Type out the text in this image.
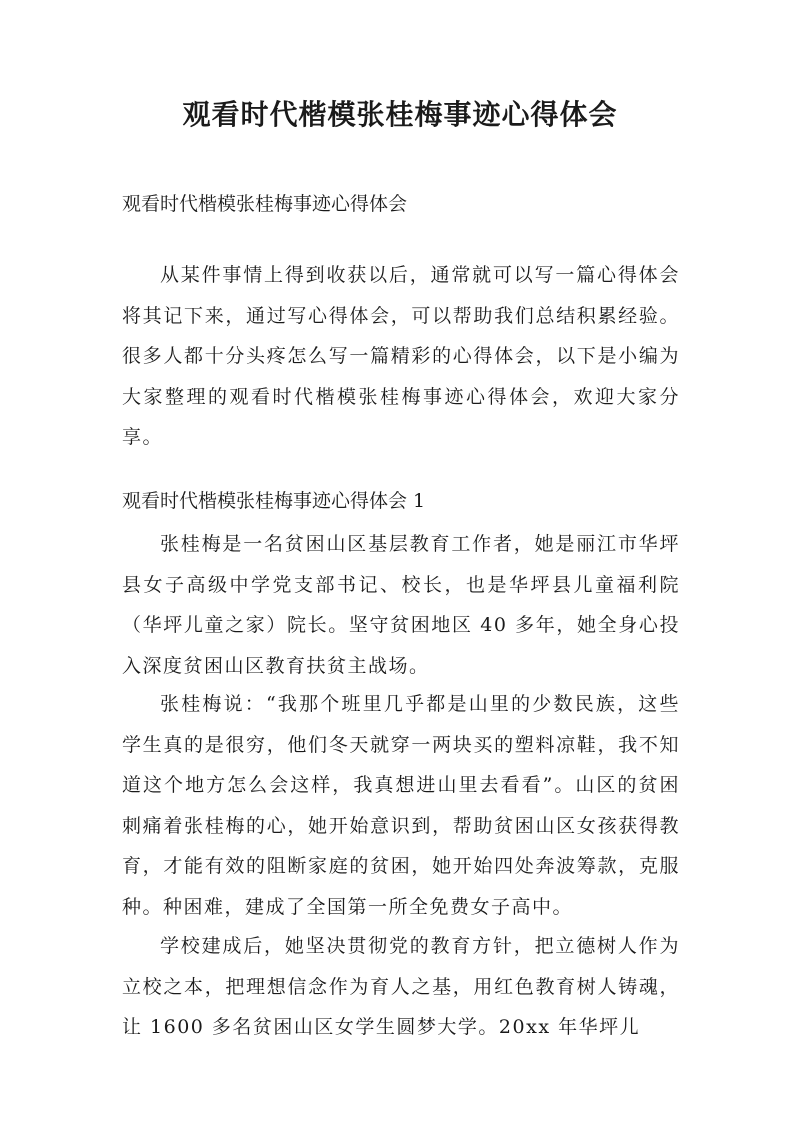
观看时代楷模张桂梅事迹心得体会

观看时代楷模张桂梅事迹心得体会

从某件事情上得到收获以后，通常就可以写一篇心得体会将其记下来，通过写心得体会，可以帮助我们总结积累经验。很多人都十分头疼怎么写一篇精彩的心得体会，以下是小编为大家整理的观看时代楷模张桂梅事迹心得体会，欢迎大家分享。

观看时代楷模张桂梅事迹心得体会 1

张桂梅是一名贫困山区基层教育工作者，她是丽江市华坪县女子高级中学党支部书记、校长，也是华坪县儿童福利院（华坪儿童之家）院长。坚守贫困地区 40 多年，她全身心投入深度贫困山区教育扶贫主战场。

张桂梅说：“我那个班里几乎都是山里的少数民族，这些学生真的是很穷，他们冬天就穿一两块买的塑料凉鞋，我不知道这个地方怎么会这样，我真想进山里去看看”。山区的贫困刺痛着张桂梅的心，她开始意识到，帮助贫困山区女孩获得教育，才能有效的阻断家庭的贫困，她开始四处奔波筹款，克服种。种困难，建成了全国第一所全免费女子高中。

学校建成后，她坚决贯彻党的教育方针，把立德树人作为立校之本，把理想信念作为育人之基，用红色教育树人铸魂，让 1600 多名贫困山区女学生圆梦大学。20xx 年华坪儿
